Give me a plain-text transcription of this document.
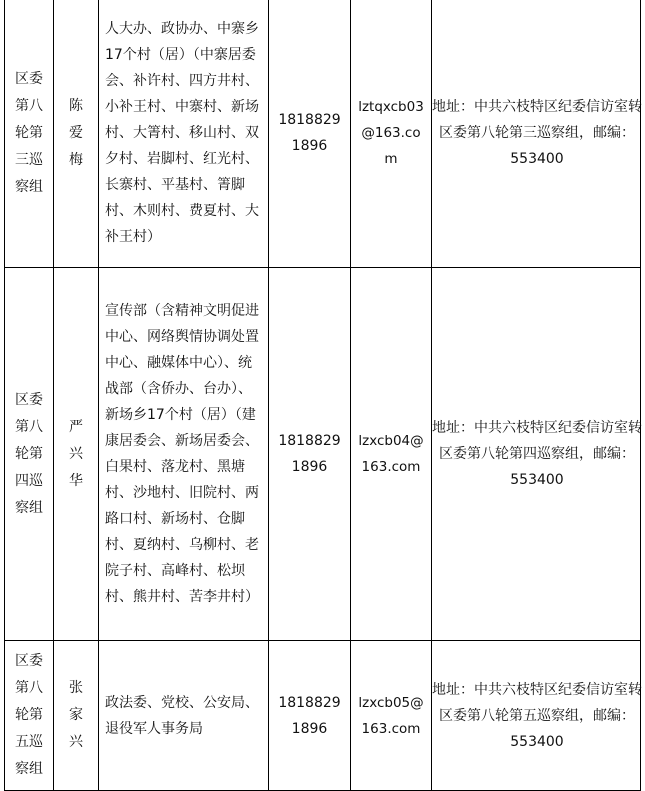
区委第八轮第三巡察组	陈爱梅	人大办、政协办、中寨乡17个村（居）（中寨居委会、补许村、四方井村、小补王村、中寨村、新场村、大箐村、移山村、双夕村、岩脚村、红光村、长寨村、平基村、箐脚村、木则村、费夏村、大补王村）	18188291896	lztqxcb03@163.com	地址：中共六枝特区纪委信访室转区委第八轮第三巡察组，邮编：553400
区委第八轮第四巡察组	严兴华	宣传部（含精神文明促进中心、网络舆情协调处置中心、融媒体中心）、统战部（含侨办、台办）、新场乡17个村（居）（建康居委会、新场居委会、白果村、落龙村、黑塘村、沙地村、旧院村、两路口村、新场村、仓脚村、夏纳村、乌柳村、老院子村、高峰村、松坝村、熊井村、苦李井村）	18188291896	lzxcb04@163.com	地址：中共六枝特区纪委信访室转区委第八轮第四巡察组，邮编：553400
区委第八轮第五巡察组	张家兴	政法委、党校、公安局、退役军人事务局	18188291896	lzxcb05@163.com	地址：中共六枝特区纪委信访室转区委第八轮第五巡察组，邮编：553400
